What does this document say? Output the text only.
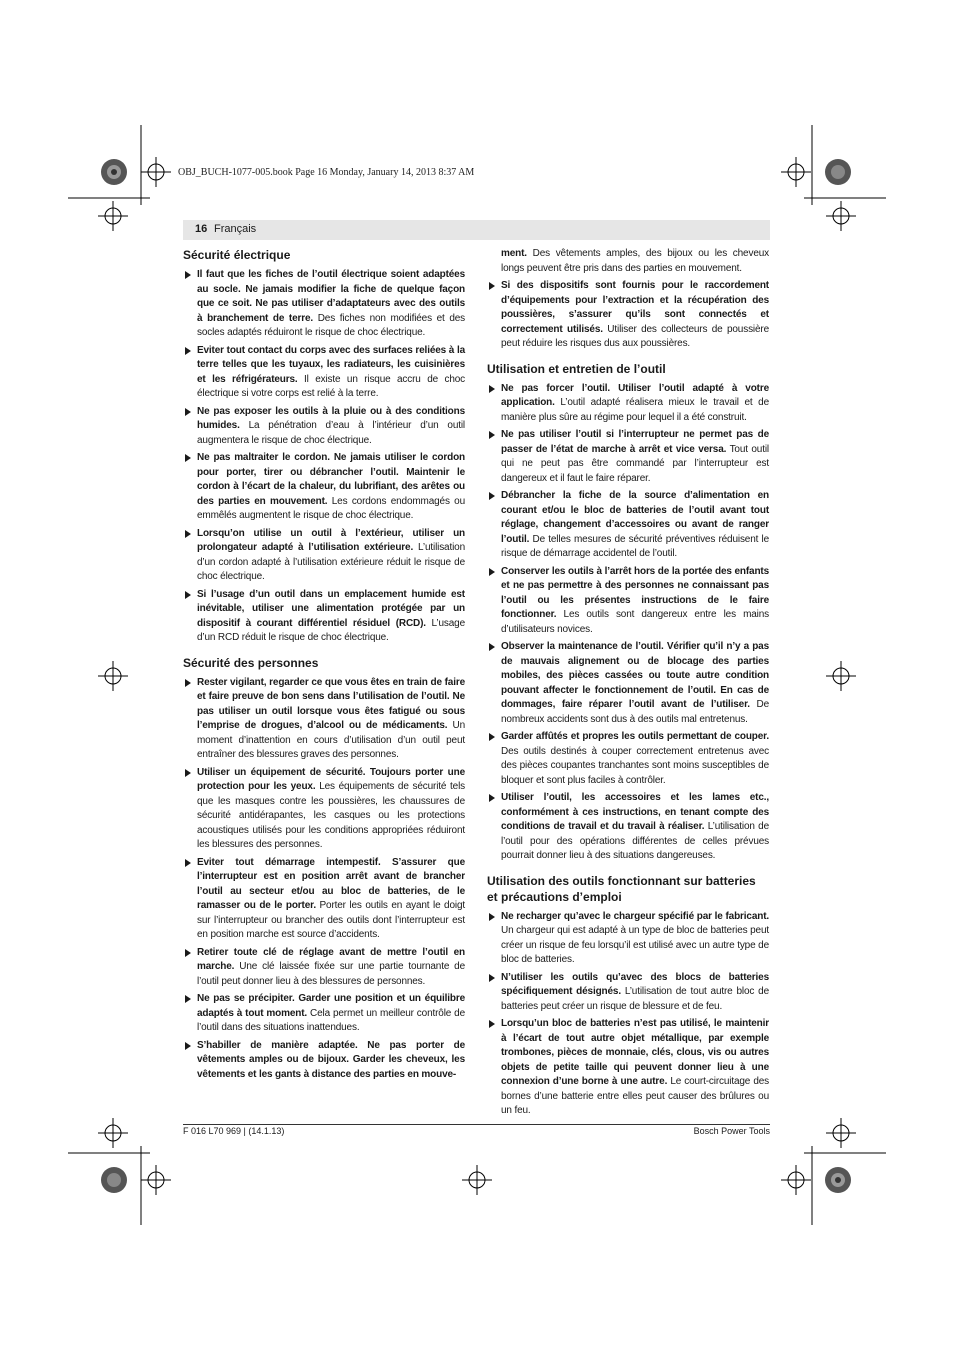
OBJ_BUCH-1077-005.book Page 16 Monday, January 14, 2013 8:37 AM
16 Français
Sécurité électrique
Il faut que les fiches de l’outil électrique soient adaptées au socle. Ne jamais modifier la fiche de quelque façon que ce soit. Ne pas utiliser d’adaptateurs avec des outils à branchement de terre. Des fiches non modifiées et des socles adaptés réduiront le risque de choc électrique.
Eviter tout contact du corps avec des surfaces reliées à la terre telles que les tuyaux, les radiateurs, les cuisinières et les réfrigérateurs. Il existe un risque accru de choc électrique si votre corps est relié à la terre.
Ne pas exposer les outils à la pluie ou à des conditions humides. La pénétration d’eau à l’intérieur d’un outil augmentera le risque de choc électrique.
Ne pas maltraiter le cordon. Ne jamais utiliser le cordon pour porter, tirer ou débrancher l’outil. Maintenir le cordon à l’écart de la chaleur, du lubrifiant, des arêtes ou des parties en mouvement. Les cordons endommagés ou emmêlés augmentent le risque de choc électrique.
Lorsqu’on utilise un outil à l’extérieur, utiliser un prolongateur adapté à l’utilisation extérieure. L’utilisation d’un cordon adapté à l’utilisation extérieure réduit le risque de choc électrique.
Si l’usage d’un outil dans un emplacement humide est inévitable, utiliser une alimentation protégée par un dispositif à courant différentiel résiduel (RCD). L’usage d’un RCD réduit le risque de choc électrique.
Sécurité des personnes
Rester vigilant, regarder ce que vous êtes en train de faire et faire preuve de bon sens dans l’utilisation de l’outil. Ne pas utiliser un outil lorsque vous êtes fatigué ou sous l’emprise de drogues, d’alcool ou de médicaments. Un moment d’inattention en cours d’utilisation d’un outil peut entraîner des blessures graves des personnes.
Utiliser un équipement de sécurité. Toujours porter une protection pour les yeux. Les équipements de sécurité tels que les masques contre les poussières, les chaussures de sécurité antidérapantes, les casques ou les protections acoustiques utilisés pour les conditions appropriées réduiront les blessures des personnes.
Eviter tout démarrage intempestif. S’assurer que l’interrupteur est en position arrêt avant de brancher l’outil au secteur et/ou au bloc de batteries, de le ramasser ou de le porter. Porter les outils en ayant le doigt sur l’interrupteur ou brancher des outils dont l’interrupteur est en position marche est source d’accidents.
Retirer toute clé de réglage avant de mettre l’outil en marche. Une clé laissée fixée sur une partie tournante de l’outil peut donner lieu à des blessures de personnes.
Ne pas se précipiter. Garder une position et un équilibre adaptés à tout moment. Cela permet un meilleur contrôle de l’outil dans des situations inattendues.
S’habiller de manière adaptée. Ne pas porter de vêtements amples ou de bijoux. Garder les cheveux, les vêtements et les gants à distance des parties en mouve-
ment. Des vêtements amples, des bijoux ou les cheveux longs peuvent être pris dans des parties en mouvement.
Si des dispositifs sont fournis pour le raccordement d’équipements pour l’extraction et la récupération des poussières, s’assurer qu’ils sont connectés et correctement utilisés. Utiliser des collecteurs de poussière peut réduire les risques dus aux poussières.
Utilisation et entretien de l’outil
Ne pas forcer l’outil. Utiliser l’outil adapté à votre application. L’outil adapté réalisera mieux le travail et de manière plus sûre au régime pour lequel il a été construit.
Ne pas utiliser l’outil si l’interrupteur ne permet pas de passer de l’état de marche à arrêt et vice versa. Tout outil qui ne peut pas être commandé par l’interrupteur est dangereux et il faut le faire réparer.
Débrancher la fiche de la source d’alimentation en courant et/ou le bloc de batteries de l’outil avant tout réglage, changement d’accessoires ou avant de ranger l’outil. De telles mesures de sécurité préventives réduisent le risque de démarrage accidentel de l’outil.
Conserver les outils à l’arrêt hors de la portée des enfants et ne pas permettre à des personnes ne connaissant pas l’outil ou les présentes instructions de le faire fonctionner. Les outils sont dangereux entre les mains d’utilisateurs novices.
Observer la maintenance de l’outil. Vérifier qu’il n’y a pas de mauvais alignement ou de blocage des parties mobiles, des pièces cassées ou toute autre condition pouvant affecter le fonctionnement de l’outil. En cas de dommages, faire réparer l’outil avant de l’utiliser. De nombreux accidents sont dus à des outils mal entretenus.
Garder affûtés et propres les outils permettant de couper. Des outils destinés à couper correctement entretenus avec des pièces coupantes tranchantes sont moins susceptibles de bloquer et sont plus faciles à contrôler.
Utiliser l’outil, les accessoires et les lames etc., conformément à ces instructions, en tenant compte des conditions de travail et du travail à réaliser. L’utilisation de l’outil pour des opérations différentes de celles prévues pourrait donner lieu à des situations dangereuses.
Utilisation des outils fonctionnant sur batteries et précautions d’emploi
Ne recharger qu’avec le chargeur spécifié par le fabricant. Un chargeur qui est adapté à un type de bloc de batteries peut créer un risque de feu lorsqu’il est utilisé avec un autre type de bloc de batteries.
N’utiliser les outils qu’avec des blocs de batteries spécifiquement désignés. L’utilisation de tout autre bloc de batteries peut créer un risque de blessure et de feu.
Lorsqu’un bloc de batteries n’est pas utilisé, le maintenir à l’écart de tout autre objet métallique, par exemple trombones, pièces de monnaie, clés, clous, vis ou autres objets de petite taille qui peuvent donner lieu à une connexion d’une borne à une autre. Le court-circuitage des bornes d’une batterie entre elles peut causer des brûlures ou un feu.
F 016 L70 969 | (14.1.13)	Bosch Power Tools
